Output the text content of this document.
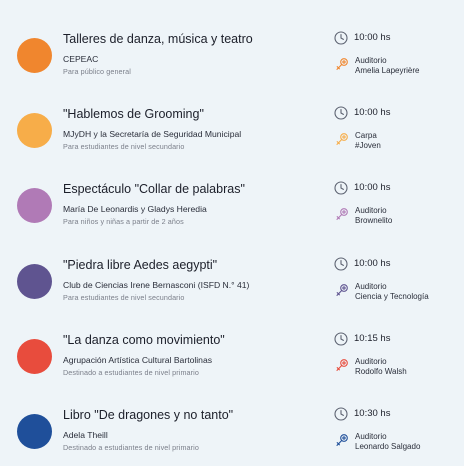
Talleres de danza, música y teatro
CEPEAC
Para público general
10:00 hs
Auditorio
Amelia Lapeyrière
"Hablemos de Grooming"
MJyDH y la Secretaría de Seguridad Municipal
Para estudiantes de nivel secundario
10:00 hs
Carpa
#Joven
Espectáculo "Collar de palabras"
María De Leonardis y Gladys Heredia
Para niños y niñas a partir de 2 años
10:00 hs
Auditorio
Brownelito
"Piedra libre Aedes aegypti"
Club de Ciencias Irene Bernasconi (ISFD N.° 41)
Para estudiantes de nivel secundario
10:00 hs
Auditorio
Ciencia y Tecnología
"La danza como movimiento"
Agrupación Artística Cultural Bartolinas
Destinado a estudiantes de nivel primario
10:15 hs
Auditorio
Rodolfo Walsh
Libro "De dragones y no tanto"
Adela Theill
Destinado a estudiantes de nivel primario
10:30 hs
Auditorio
Leonardo Salgado
